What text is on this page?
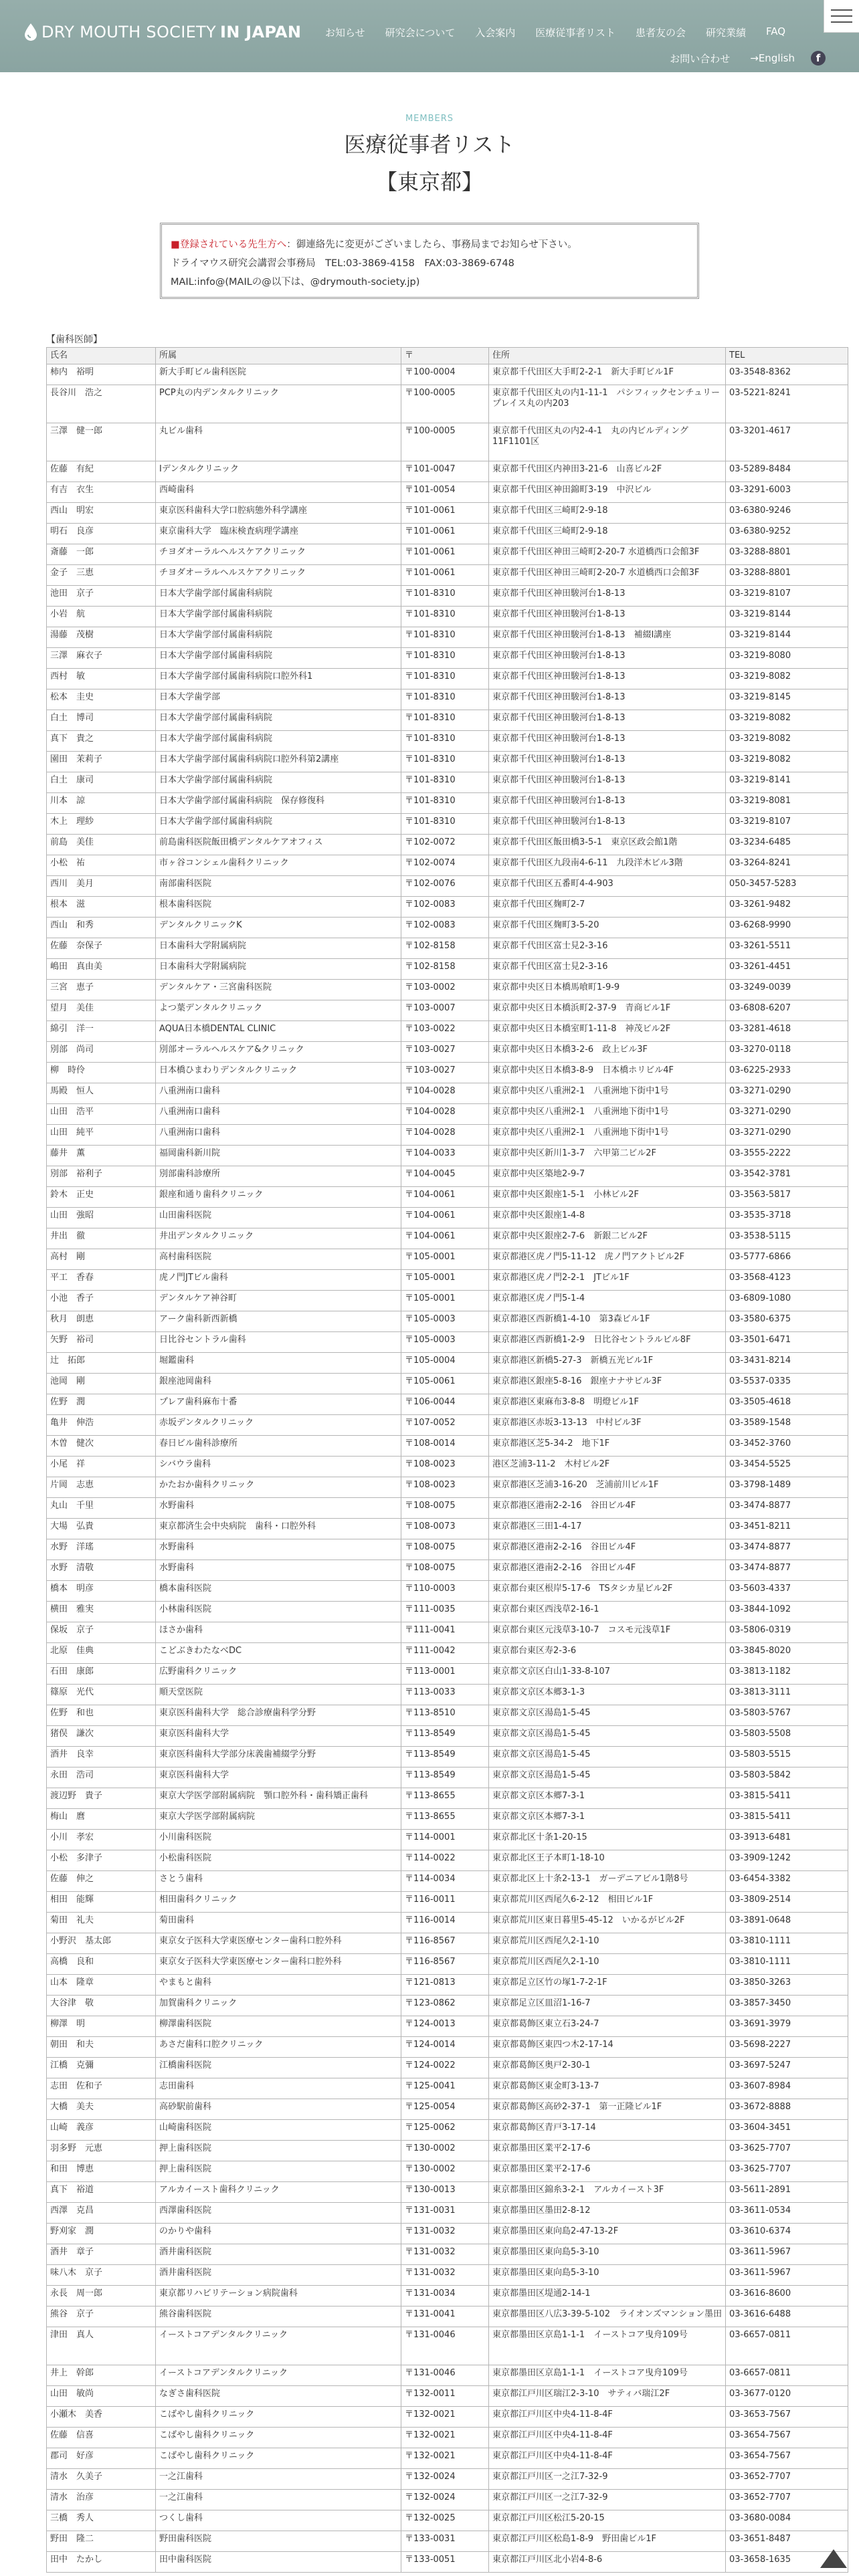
DRY MOUTH SOCIETY IN JAPAN お知らせ 研究会について 入会案内 医療従事者リスト 患者友の会 研究業績 FAQ
お問い合わせ →English	f
MEMBERS
医療従事者リスト
【東京都】
■登録されている先生方へ：御連絡先に変更がございましたら、事務局までお知らせ下さい。
ドライマウス研究会講習会事務局　TEL:03-3869-4158　FAX:03-3869-6748
MAIL:info@(MAILの@以下は、@drymouth-society.jp)
【歯科医師】
氏名	所属	〒	住所	TEL
柿内　裕明	新大手町ビル歯科医院	〒100-0004	東京都千代田区大手町2-2-1　新大手町ビル1F	03-3548-8362
長谷川　浩之	PCP丸の内デンタルクリニック	〒100-0005	東京都千代田区丸の内1-11-1　パシフィックセンチュリープレイス丸の内203	03-5221-8241
三澤　健一郎	丸ビル歯科	〒100-0005	東京都千代田区丸の内2-4-1　丸の内ビルディング11F1101区	03-3201-4617
佐藤　有紀	Ⅰデンタルクリニック	〒101-0047	東京都千代田区内神田3-21-6　山喜ビル2F	03-5289-8484
有吉　衣生	西崎歯科	〒101-0054	東京都千代田区神田錦町3-19　中沢ビル	03-3291-6003
西山　明宏	東京医科歯科大学口腔病態外科学講座	〒101-0061	東京都千代田区三崎町2-9-18	03-6380-9246
明石　良彦	東京歯科大学　臨床検査病理学講座	〒101-0061	東京都千代田区三崎町2-9-18	03-6380-9252
斎藤　一郎	チヨダオーラルヘルスケアクリニック	〒101-0061	東京都千代田区神田三崎町2-20-7 水道橋西口会館3F	03-3288-8801
金子　三恵	チヨダオーラルヘルスケアクリニック	〒101-0061	東京都千代田区神田三崎町2-20-7 水道橋西口会館3F	03-3288-8801
池田　京子	日本大学歯学部付属歯科病院	〒101-8310	東京都千代田区神田駿河台1-8-13	03-3219-8107
小岩　航	日本大学歯学部付属歯科病院	〒101-8310	東京都千代田区神田駿河台1-8-13	03-3219-8144
湯藤　茂樹	日本大学歯学部付属歯科病院	〒101-8310	東京都千代田区神田駿河台1-8-13　補綴Ⅰ講座	03-3219-8144
三澤　麻衣子	日本大学歯学部付属歯科病院	〒101-8310	東京都千代田区神田駿河台1-8-13	03-3219-8080
西村　敏	日本大学歯学部付属歯科病院口腔外科1	〒101-8310	東京都千代田区神田駿河台1-8-13	03-3219-8082
松本　圭史	日本大学歯学部	〒101-8310	東京都千代田区神田駿河台1-8-13	03-3219-8145
白土　博司	日本大学歯学部付属歯科病院	〒101-8310	東京都千代田区神田駿河台1-8-13	03-3219-8082
真下　貴之	日本大学歯学部付属歯科病院	〒101-8310	東京都千代田区神田駿河台1-8-13	03-3219-8082
園田　茉莉子	日本大学歯学部付属歯科病院口腔外科第2講座	〒101-8310	東京都千代田区神田駿河台1-8-13	03-3219-8082
白土　康司	日本大学歯学部付属歯科病院	〒101-8310	東京都千代田区神田駿河台1-8-13	03-3219-8141
川本　諒	日本大学歯学部付属歯科病院　保存修復科	〒101-8310	東京都千代田区神田駿河台1-8-13	03-3219-8081
木上　理紗	日本大学歯学部付属歯科病院	〒101-8310	東京都千代田区神田駿河台1-8-13	03-3219-8107
前島　美佳	前島歯科医院飯田橋デンタルケアオフィス	〒102-0072	東京都千代田区飯田橋3-5-1　東京区政会館1階	03-3234-6485
小松　祐	市ヶ谷コンシェル歯科クリニック	〒102-0074	東京都千代田区九段南4-6-11　九段洋木ビル3階	03-3264-8241
西川　美月	南部歯科医院	〒102-0076	東京都千代田区五番町4-4-903	050-3457-5283
根本　滋	根本歯科医院	〒102-0083	東京都千代田区麹町2-7	03-3261-9482
西山　和秀	デンタルクリニックK	〒102-0083	東京都千代田区麹町3-5-20	03-6268-9990
佐藤　奈保子	日本歯科大学附属病院	〒102-8158	東京都千代田区富士見2-3-16	03-3261-5511
嶋田　真由美	日本歯科大学附属病院	〒102-8158	東京都千代田区富士見2-3-16	03-3261-4451
三宮　恵子	デンタルケア・三宮歯科医院	〒103-0002	東京都中央区日本橋馬喰町1-9-9	03-3249-0039
望月　美佳	よつ葉デンタルクリニック	〒103-0007	東京都中央区日本橋浜町2-37-9　青商ビル1F	03-6808-6207
綿引　洋一	AQUA日本橋DENTAL CLINIC	〒103-0022	東京都中央区日本橋室町1-11-8　神茂ビル2F	03-3281-4618
別部　尚司	別部オーラルヘルスケア&クリニック	〒103-0027	東京都中央区日本橋3-2-6　政上ビル3F	03-3270-0118
柳　時伶	日本橋ひまわりデンタルクリニック	〒103-0027	東京都中央区日本橋3-8-9　日本橋ホリビル4F	03-6225-2933
馬殿　恒人	八重洲南口歯科	〒104-0028	東京都中央区八重洲2-1　八重洲地下街中1号	03-3271-0290
山田　浩平	八重洲南口歯科	〒104-0028	東京都中央区八重洲2-1　八重洲地下街中1号	03-3271-0290
山田　純平	八重洲南口歯科	〒104-0028	東京都中央区八重洲2-1　八重洲地下街中1号	03-3271-0290
藤井　薫	福岡歯科新川院	〒104-0033	東京都中央区新川1-3-7　六甲第二ビル2F	03-3555-2222
別部　裕利子	別部歯科診療所	〒104-0045	東京都中央区築地2-9-7	03-3542-3781
鈴木　正史	銀座和通り歯科クリニック	〒104-0061	東京都中央区銀座1-5-1　小林ビル2F	03-3563-5817
山田　強昭	山田歯科医院	〒104-0061	東京都中央区銀座1-4-8	03-3535-3718
井出　徹	井出デンタルクリニック	〒104-0061	東京都中央区銀座2-7-6　新銀二ビル2F	03-3538-5115
高村　剛	高村歯科医院	〒105-0001	東京都港区虎ノ門5-11-12　虎ノ門アクトビル2F	03-5777-6866
平工　香春	虎ノ門JTビル歯科	〒105-0001	東京都港区虎ノ門2-2-1　JTビル1F	03-3568-4123
小池　香子	デンタルケア神谷町	〒105-0001	東京都港区虎ノ門5-1-4	03-6809-1080
秋月　朗恵	アーク歯科新西新橋	〒105-0003	東京都港区西新橋1-4-10　第3森ビル1F	03-3580-6375
矢野　裕司	日比谷セントラル歯科	〒105-0003	東京都港区西新橋1-2-9　日比谷セントラルビル8F	03-3501-6471
辻　拓郎	堀鑑歯科	〒105-0004	東京都港区新橋5-27-3　新橋五光ビル1F	03-3431-8214
池岡　剛	銀座池岡歯科	〒105-0061	東京都港区銀座5-8-16　銀座ナナサビル3F	03-5537-0335
佐野　潤	プレア歯科麻布十番	〒106-0044	東京都港区東麻布3-8-8　明燈ビル1F	03-3505-4618
亀井　伸浩	赤坂デンタルクリニック	〒107-0052	東京都港区赤坂3-13-13　中村ビル3F	03-3589-1548
木曽　健次	春日ビル歯科診療所	〒108-0014	東京都港区芝5-34-2　地下1F	03-3452-3760
小尾　祥	シバウラ歯科	〒108-0023	港区芝浦3-11-2　木村ビル2F	03-3454-5525
片岡　志恵	かたおか歯科クリニック	〒108-0023	東京都港区芝浦3-16-20　芝浦前川ビル1F	03-3798-1489
丸山　千里	水野歯科	〒108-0075	東京都港区港南2-2-16　谷田ビル4F	03-3474-8877
大場　弘貴	東京都済生会中央病院　歯科・口腔外科	〒108-0073	東京都港区三田1-4-17	03-3451-8211
水野　洋瑤	水野歯科	〒108-0075	東京都港区港南2-2-16　谷田ビル4F	03-3474-8877
水野　清敬	水野歯科	〒108-0075	東京都港区港南2-2-16　谷田ビル4F	03-3474-8877
橋本　明彦	橋本歯科医院	〒110-0003	東京都台東区根岸5-17-6　TSタシカ星ビル2F	03-5603-4337
横田　雅実	小林歯科医院	〒111-0035	東京都台東区西浅草2-16-1	03-3844-1092
保坂　京子	ほさか歯科	〒111-0041	東京都台東区元浅草3-10-7　コスモ元浅草1F	03-5806-0319
北原　佳典	こどぶきわたなべDC	〒111-0042	東京都台東区寿2-3-6	03-3845-8020
石田　康郎	広野歯科クリニック	〒113-0001	東京都文京区白山1-33-8-107	03-3813-1182
篠原　光代	順天堂医院	〒113-0033	東京都文京区本郷3-1-3	03-3813-3111
佐野　和也	東京医科歯科大学　総合診療歯科学分野	〒113-8510	東京都文京区湯島1-5-45	03-5803-5767
猪俣　謙次	東京医科歯科大学	〒113-8549	東京都文京区湯島1-5-45	03-5803-5508
酒井　良幸	東京医科歯科大学部分床義歯補綴学分野	〒113-8549	東京都文京区湯島1-5-45	03-5803-5515
永田　浩司	東京医科歯科大学	〒113-8549	東京都文京区湯島1-5-45	03-5803-5842
渡辺野　貴子	東京大学医学部附属病院　顎口腔外科・歯科矯正歯科	〒113-8655	東京都文京区本郷7-3-1	03-3815-5411
梅山　麿	東京大学医学部附属病院	〒113-8655	東京都文京区本郷7-3-1	03-3815-5411
小川　孝宏	小川歯科医院	〒114-0001	東京都北区十条1-20-15	03-3913-6481
小松　多津子	小松歯科医院	〒114-0022	東京都北区王子本町1-18-10	03-3909-1242
佐藤　伸之	さとう歯科	〒114-0034	東京都北区上十条2-13-1　ガーデニアビル1階8号	03-6454-3382
相田　能輝	相田歯科クリニック	〒116-0011	東京都荒川区西尾久6-2-12　相田ビル1F	03-3809-2514
菊田　礼夫	菊田歯科	〒116-0014	東京都荒川区東日暮里5-45-12　いかるがビル2F	03-3891-0648
小野沢　基太郎	東京女子医科大学東医療センター歯科口腔外科	〒116-8567	東京都荒川区西尾久2-1-10	03-3810-1111
高橋　良和	東京女子医科大学東医療センター歯科口腔外科	〒116-8567	東京都荒川区西尾久2-1-10	03-3810-1111
山本　隆章	やまもと歯科	〒121-0813	東京都足立区竹の塚1-7-2-1F	03-3850-3263
大谷津　敬	加賀歯科クリニック	〒123-0862	東京都足立区皿沼1-16-7	03-3857-3450
柳澤　明	柳澤歯科医院	〒124-0013	東京都葛飾区東立石3-24-7	03-3691-3979
朝田　和夫	あさだ歯科口腔クリニック	〒124-0014	東京都葛飾区東四つ木2-17-14	03-5698-2227
江橋　克彌	江橋歯科医院	〒124-0022	東京都葛飾区奥戸2-30-1	03-3697-5247
志田　佐和子	志田歯科	〒125-0041	東京都葛飾区東金町3-13-7	03-3607-8984
大橋　美夫	高砂駅前歯科	〒125-0054	東京都葛飾区高砂2-37-1　第一正隆ビル1F	03-3672-8888
山崎　義彦	山崎歯科医院	〒125-0062	東京都葛飾区青戸3-17-14	03-3604-3451
羽多野　元恵	押上歯科医院	〒130-0002	東京都墨田区業平2-17-6	03-3625-7707
和田　博恵	押上歯科医院	〒130-0002	東京都墨田区業平2-17-6	03-3625-7707
真下　裕道	アルカイースト歯科クリニック	〒130-0013	東京都墨田区錦糸3-2-1　アルカイースト3F	03-5611-2891
西澤　克昌	西澤歯科医院	〒131-0031	東京都墨田区墨田2-8-12	03-3611-0534
野刈家　潤	のかりや歯科	〒131-0032	東京都墨田区東向島2-47-13-2F	03-3610-6374
酒井　章子	酒井歯科医院	〒131-0032	東京都墨田区東向島5-3-10	03-3611-5967
味八木　京子	酒井歯科医院	〒131-0032	東京都墨田区東向島5-3-10	03-3611-5967
永長　周一郎	東京都リハビリテーション病院歯科	〒131-0034	東京都墨田区堤通2-14-1	03-3616-8600
熊谷　京子	熊谷歯科医院	〒131-0041	東京都墨田区八広3-39-5-102　ライオンズマンション墨田	03-3616-6488
津田　真人	イーストコアデンタルクリニック	〒131-0046	東京都墨田区京島1-1-1　イーストコア曳舟109号	03-6657-0811
井上　幹郎	イーストコアデンタルクリニック	〒131-0046	東京都墨田区京島1-1-1　イーストコア曳舟109号	03-6657-0811
山田　敏尚	なぎさ歯科医院	〒132-0011	東京都江戸川区瑞江2-3-10　サティバ瑞江2F	03-3677-0120
小瀬木　美香	こばやし歯科クリニック	〒132-0021	東京都江戸川区中央4-11-8-4F	03-3653-7567
佐藤　信喜	こばやし歯科クリニック	〒132-0021	東京都江戸川区中央4-11-8-4F	03-3654-7567
郡司　好彦	こばやし歯科クリニック	〒132-0021	東京都江戸川区中央4-11-8-4F	03-3654-7567
清水　久美子	一之江歯科	〒132-0024	東京都江戸川区一之江7-32-9	03-3652-7707
清水　治彦	一之江歯科	〒132-0024	東京都江戸川区一之江7-32-9	03-3652-7707
三橋　秀人	つくし歯科	〒132-0025	東京都江戸川区松江5-20-15	03-3680-0084
野田　隆二	野田歯科医院	〒133-0031	東京都江戸川区松島1-8-9　野田歯ビル1F	03-3651-8487
田中　たかし	田中歯科医院	〒133-0051	東京都江戸川区北小岩4-8-6	03-3658-1635
